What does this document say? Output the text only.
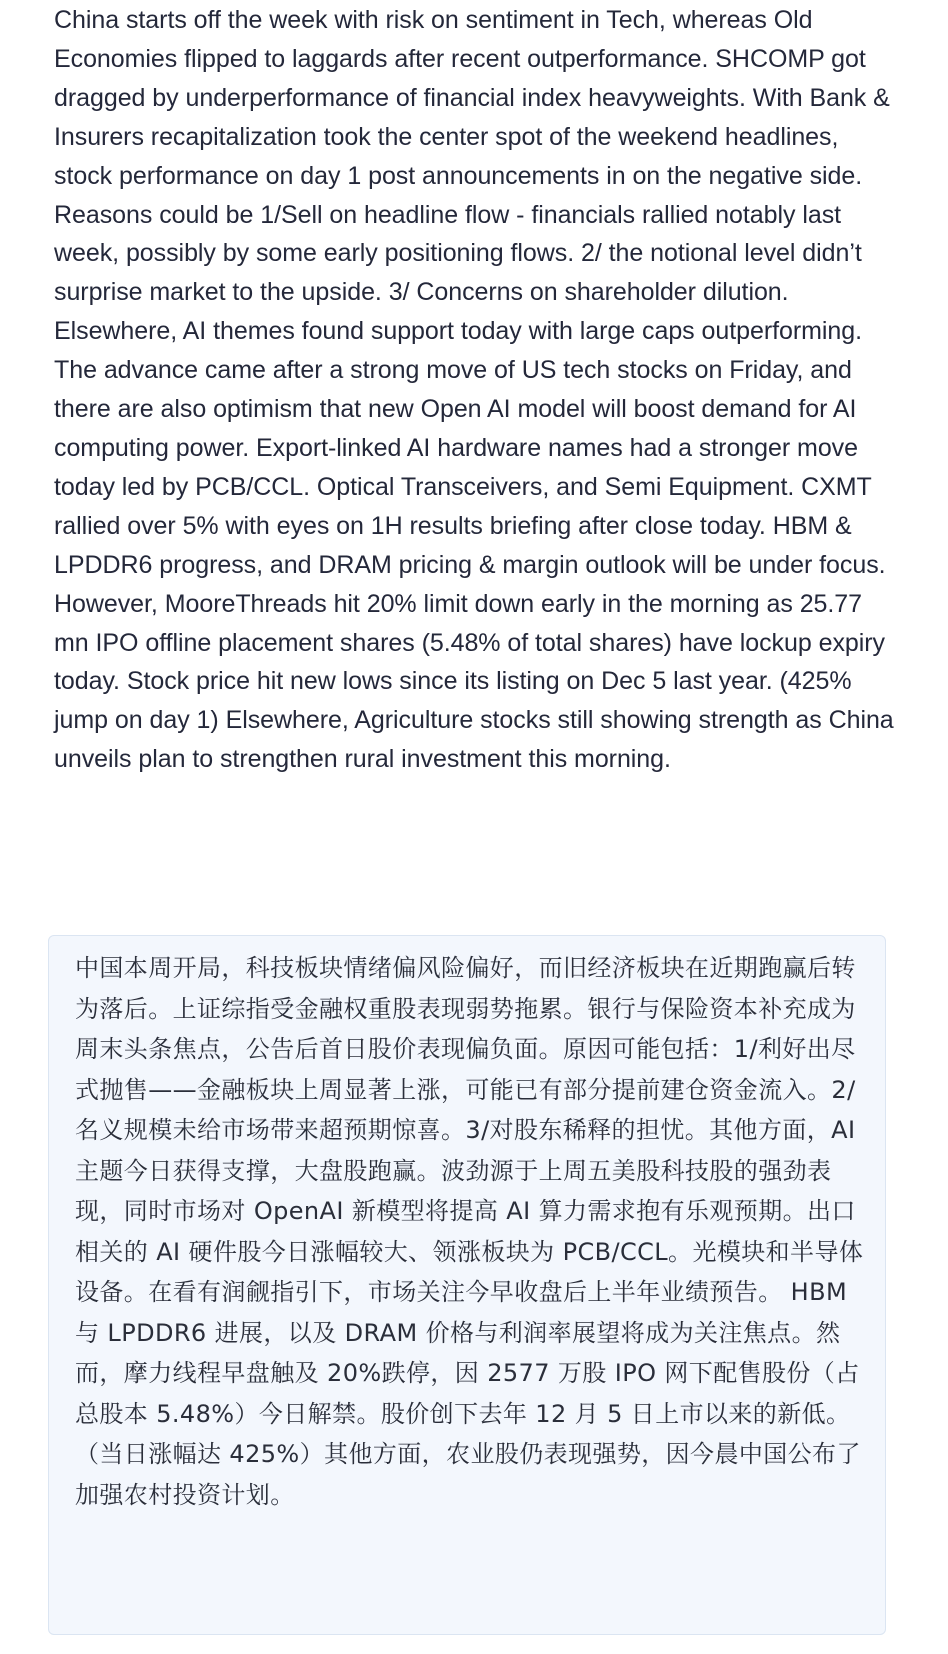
China starts off the week with risk on sentiment in Tech, whereas Old Economies flipped to laggards after recent outperformance. SHCOMP got dragged by underperformance of financial index heavyweights. With Bank & Insurers recapitalization took the center spot of the weekend headlines, stock performance on day 1 post announcements in on the negative side. Reasons could be 1/Sell on headline flow - financials rallied notably last week, possibly by some early positioning flows. 2/ the notional level didn’t surprise market to the upside. 3/ Concerns on shareholder dilution. Elsewhere, AI themes found support today with large caps outperforming. The advance came after a strong move of US tech stocks on Friday, and there are also optimism that new Open AI model will boost demand for AI computing power. Export-linked AI hardware names had a stronger move today led by PCB/CCL. Optical Transceivers, and Semi Equipment. CXMT rallied over 5% with eyes on 1H results briefing after close today. HBM & LPDDR6 progress, and DRAM pricing & margin outlook will be under focus. However, MooreThreads hit 20% limit down early in the morning as 25.77 mn IPO offline placement shares (5.48% of total shares) have lockup expiry today. Stock price hit new lows since its listing on Dec 5 last year. (425% jump on day 1) Elsewhere, Agriculture stocks still showing strength as China unveils plan to strengthen rural investment this morning.

中国本周开局，科技板块情绪偏风险偏好，而旧经济板块在近期跑赢后转为落后。上证综指受金融权重股表现弱势拖累。银行与保险资本补充成为周末头条焦点，公告后首日股价表现偏负面。原因可能包括：1/利好出尽式抛售——金融板块上周显著上涨，可能已有部分提前建仓资金流入。2/名义规模未给市场带来超预期惊喜。3/对股东稀释的担忧。其他方面，AI主题今日获得支撑，大盘股跑赢。波劲源于上周五美股科技股的强劲表现，同时市场对 OpenAI 新模型将提高 AI 算力需求抱有乐观预期。出口相关的 AI 硬件股今日涨幅较大、领涨板块为 PCB/CCL。光模块和半导体设备。在看有润觎指引下，市场关注今早收盘后上半年业绩预告。 HBM 与 LPDDR6 进展，以及 DRAM 价格与利润率展望将成为关注焦点。然而，摩力线程早盘触及 20%跌停，因 2577 万股 IPO 网下配售股份（占总股本 5.48%）今日解禁。股价创下去年 12 月 5 日上市以来的新低。（当日涨幅达 425%）其他方面，农业股仍表现强势，因今晨中国公布了加强农村投资计划。
